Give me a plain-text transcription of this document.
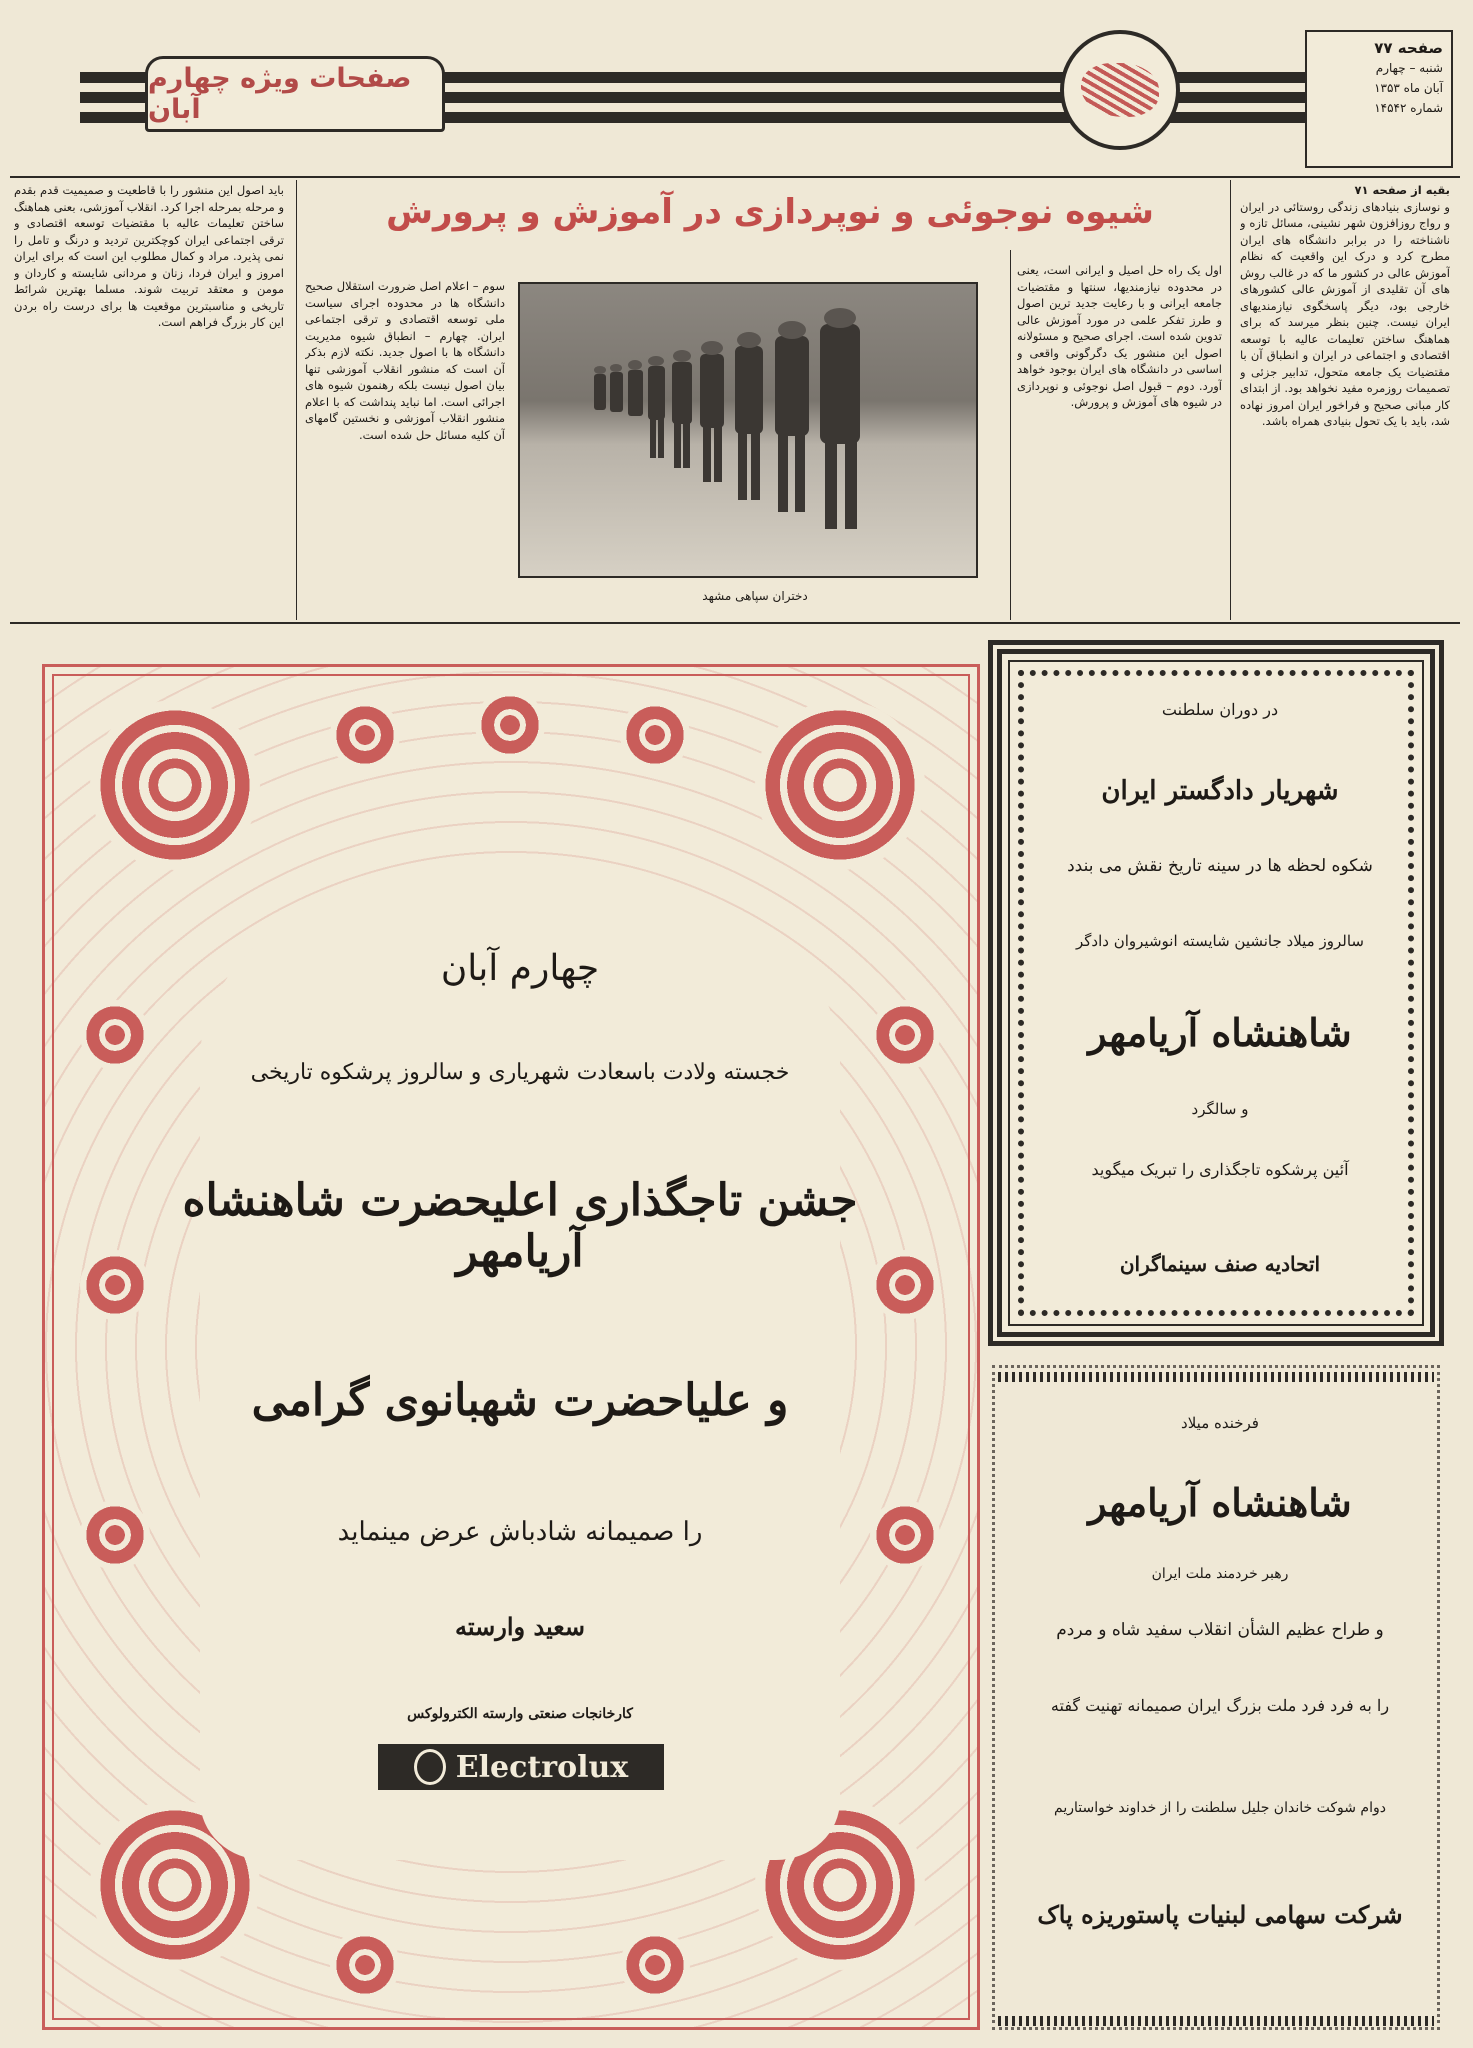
صفحات ویژه چهارم آبان
صفحه ۷۷
شنبه – چهارم
آبان ماه ۱۳۵۳
شماره ۱۴۵۴۲
شیوه نوجوئی و نوپردازی در آموزش و پرورش
بقیه از صفحه ۷۱
و نوسازی بنیادهای زندگی روستائی در ایران و رواج روزافزون شهر نشینی، مسائل تازه و ناشناخته را در برابر دانشگاه های ایران مطرح کرد و درک این واقعیت که نظام آموزش عالی در کشور ما که در غالب روش های آن تقلیدی از آموزش عالی کشورهای خارجی بود، دیگر پاسخگوی نیازمندیهای ایران نیست. چنین بنظر میرسد که برای هماهنگ ساختن تعلیمات عالیه با توسعه اقتصادی و اجتماعی در ایران و انطباق آن با مقتضیات یک جامعه متحول، تدابیر جزئی و تصمیمات روزمره مفید نخواهد بود. از ابتدای کار مبانی صحیح و فراخور ایران امروز نهاده شد، باید با یک تحول بنیادی همراه باشد.
اول یک راه حل اصیل و ایرانی است، یعنی در محدوده نیازمندیها، سنتها و مقتضیات جامعه ایرانی و با رعایت جدید ترین اصول و طرز تفکر علمی در مورد آموزش عالی تدوین شده است. اجرای صحیح و مسئولانه اصول این منشور یک دگرگونی واقعی و اساسی در دانشگاه های ایران بوجود خواهد آورد. دوم – قبول اصل نوجوئی و نوپردازی در شیوه های آموزش و پرورش.
دختران سپاهی مشهد
سوم – اعلام اصل ضرورت استقلال صحیح دانشگاه ها در محدوده اجرای سیاست ملی توسعه اقتصادی و ترقی اجتماعی ایران. چهارم – انطباق شیوه مدیریت دانشگاه ها با اصول جدید. نکته لازم بذکر آن است که منشور انقلاب آموزشی تنها بیان اصول نیست بلکه رهنمون شیوه های اجرائی است. اما نباید پنداشت که با اعلام منشور انقلاب آموزشی و نخستین گامهای آن کلیه مسائل حل شده است.
باید اصول این منشور را با قاطعیت و صمیمیت قدم بقدم و مرحله بمرحله اجرا کرد. انقلاب آموزشی، بعنی هماهنگ ساختن تعلیمات عالیه با مقتضیات توسعه اقتصادی و ترقی اجتماعی ایران کوچکترین تردید و درنگ و تامل را نمی پذیرد. مراد و کمال مطلوب این است که برای ایران امروز و ایران فردا، زنان و مردانی شایسته و کاردان و مومن و معتقد تربیت شوند. مسلما بهترین شرائط تاریخی و مناسبترین موقعیت ها برای درست راه بردن این کار بزرگ فراهم است.
چهارم آبان
خجسته ولادت باسعادت شهریاری و سالروز پرشکوه تاریخی
جشن تاجگذاری اعلیحضرت شاهنشاه آریامهر
و علیاحضرت شهبانوی گرامی
را صمیمانه شادباش عرض مینماید
سعید وارسته
کارخانجات صنعتی وارسته الکترولوکس
Electrolux
در دوران سلطنت
شهریار دادگستر ایران
شکوه لحظه ها در سینه تاریخ نقش می بندد
سالروز میلاد جانشین شایسته انوشیروان دادگر
شاهنشاه آریامهر
و سالگرد
آئین پرشکوه تاجگذاری را تبریک میگوید
اتحادیه صنف سینماگران
فرخنده میلاد
شاهنشاه آریامهر
رهبر خردمند ملت ایران
و طراح عظیم الشأن انقلاب سفید شاه و مردم
را به فرد فرد ملت بزرگ ایران صمیمانه تهنیت گفته
دوام شوکت خاندان جلیل سلطنت را از خداوند خواستاریم
شرکت سهامی لبنیات پاستوریزه پاک
